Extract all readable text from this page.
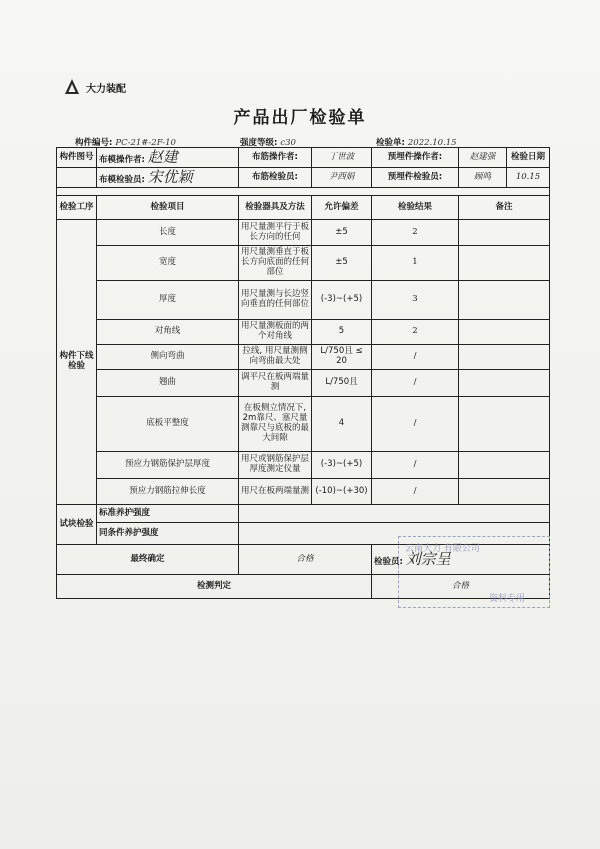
大力装配
产品出厂检验单
构件编号: PC-21#-2F-10	强度等级: c30	检验单: 2022.10.15
构件图号	布模操作者: 赵建	布筋操作者:	丁世波	预埋件操作者:	赵建强	检验日期
	布模检验员: 宋优颖	布筋检验员:	尹西娟	预埋件检验员:	顾鸣	10.15

检验工序	检验项目	检验器具及方法	允许偏差	检验结果	备注	
构件下线检验	长度	用尺量测平行于板长方向的任何	±5	2		
	宽度	用尺量测垂直于板长方向底面的任何部位	±5	1		
	厚度	用尺量测与长边竖向垂直的任何部位	(-3)~(+5)	3		
	对角线	用尺量测板面的两个对角线	5	2		
	侧向弯曲	拉线, 用尺量测侧向弯曲最大处	L/750且 ≤ 20	/		
	翘曲	调平尺在板两端量测	L/750且	/		
	底板平整度	在板侧立情况下, 2m靠尺、塞尺量测靠尺与底板的最大间隙	4	/		
	预应力钢筋保护层厚度	用尺或钢筋保护层厚度测定仪量	(-3)~(+5)	/		
	预应力钢筋拉伸长度	用尺在板两端量测	(-10)~(+30)	/		
试块检验	标准养护强度					
	同条件养护强度					
最终确定		合格		检验员: 刘宗呈		
检测判定				合格		
云南大力 有限公司
资料专用
